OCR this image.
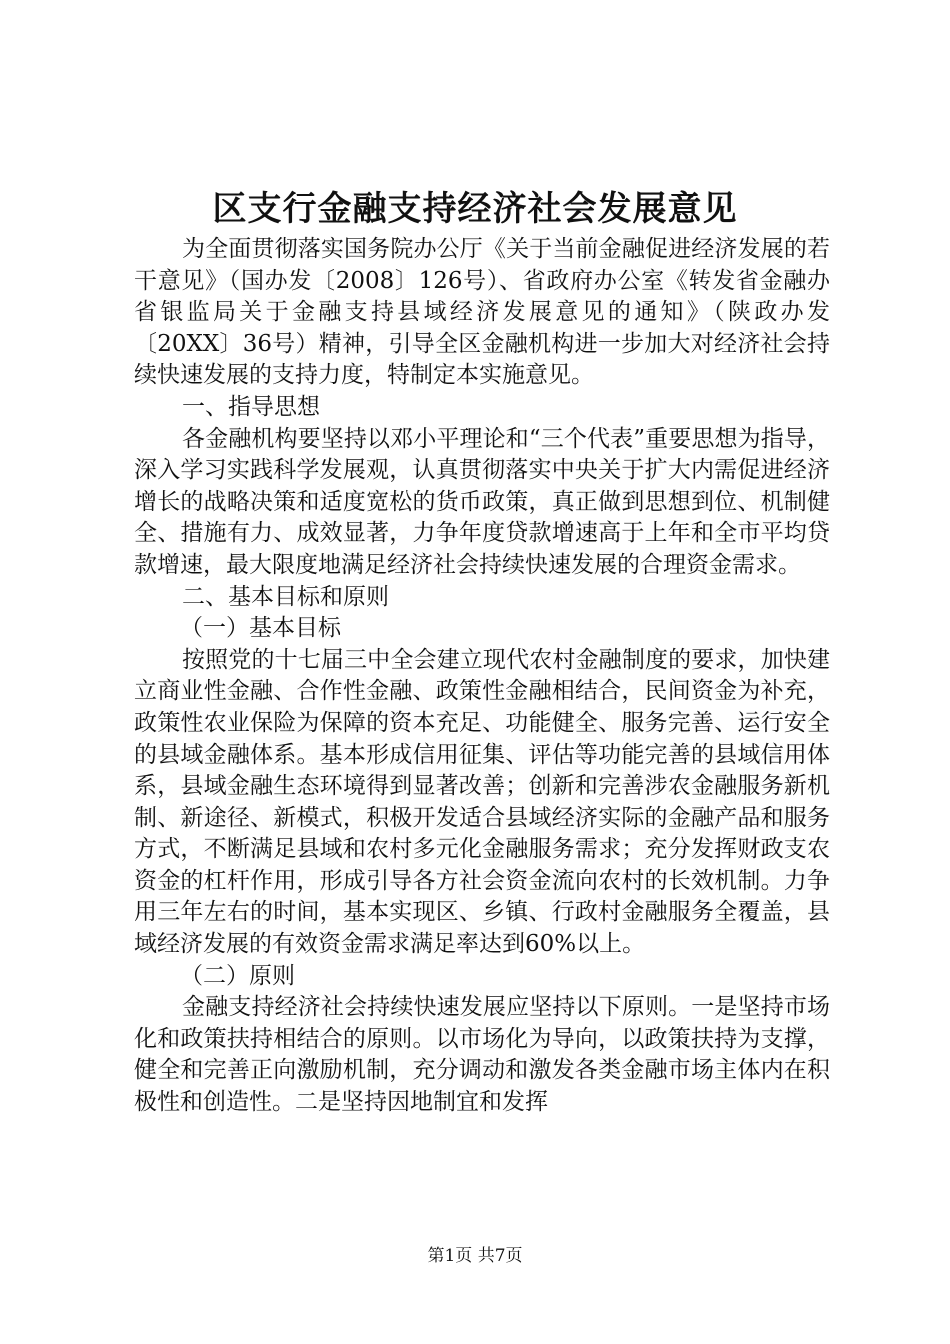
区支行金融支持经济社会发展意见

为全面贯彻落实国务院办公厅《关于当前金融促进经济发展的若干意见》（国办发〔2008〕126号）、省政府办公室《转发省金融办省银监局关于金融支持县域经济发展意见的通知》（陕政办发〔20XX〕36号）精神，引导全区金融机构进一步加大对经济社会持续快速发展的支持力度，特制定本实施意见。

一、指导思想

各金融机构要坚持以邓小平理论和“三个代表”重要思想为指导，深入学习实践科学发展观，认真贯彻落实中央关于扩大内需促进经济增长的战略决策和适度宽松的货币政策，真正做到思想到位、机制健全、措施有力、成效显著，力争年度贷款增速高于上年和全市平均贷款增速，最大限度地满足经济社会持续快速发展的合理资金需求。

二、基本目标和原则

（一）基本目标

按照党的十七届三中全会建立现代农村金融制度的要求，加快建立商业性金融、合作性金融、政策性金融相结合，民间资金为补充，政策性农业保险为保障的资本充足、功能健全、服务完善、运行安全的县域金融体系。基本形成信用征集、评估等功能完善的县域信用体系，县域金融生态环境得到显著改善；创新和完善涉农金融服务新机制、新途径、新模式，积极开发适合县域经济实际的金融产品和服务方式，不断满足县域和农村多元化金融服务需求；充分发挥财政支农资金的杠杆作用，形成引导各方社会资金流向农村的长效机制。力争用三年左右的时间，基本实现区、乡镇、行政村金融服务全覆盖，县域经济发展的有效资金需求满足率达到60%以上。

（二）原则

金融支持经济社会持续快速发展应坚持以下原则。一是坚持市场化和政策扶持相结合的原则。以市场化为导向，以政策扶持为支撑，健全和完善正向激励机制，充分调动和激发各类金融市场主体内在积极性和创造性。二是坚持因地制宜和发挥

第1页 共7页
